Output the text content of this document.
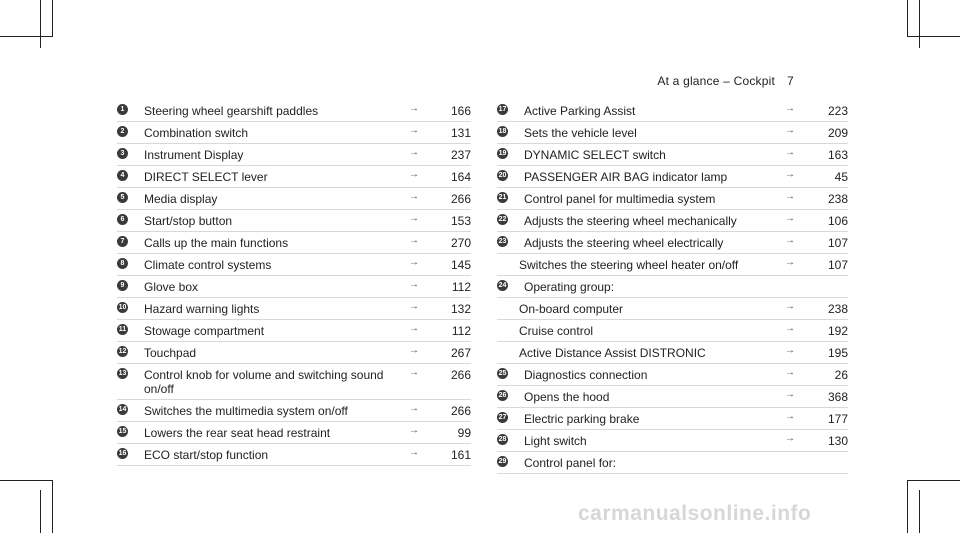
At a glance – Cockpit 7
1 Steering wheel gearshift paddles	→	166
2 Combination switch	→	131
3 Instrument Display	→	237
4 DIRECT SELECT lever	→	164
5 Media display	→	266
6 Start/stop button	→	153
7 Calls up the main functions	→	270
8 Climate control systems	→	145
9 Glove box	→	112
10 Hazard warning lights	→	132
11 Stowage compartment	→	112
12 Touchpad	→	267
13 Control knob for volume and switching sound on/off
→	266
14 Switches the multimedia system on/off	→	266
15 Lowers the rear seat head restraint	→	99
16 ECO start/stop function	→	161
17 Active Parking Assist	→	223
18 Sets the vehicle level	→	209
19 DYNAMIC SELECT switch	→	163
20 PASSENGER AIR BAG indicator lamp	→	45
21 Control panel for multimedia system	→	238
22 Adjusts the steering wheel mechanically	→	106
23 Adjusts the steering wheel electrically	→	107
Switches the steering wheel heater on/off	→	107
24 Operating group:
On-board computer	→	238
Cruise control	→	192
Active Distance Assist DISTRONIC	→	195
25 Diagnostics connection	→	26
26 Opens the hood	→	368
27 Electric parking brake	→	177
28 Light switch	→	130
29 Control panel for:
carmanualsonline.info
